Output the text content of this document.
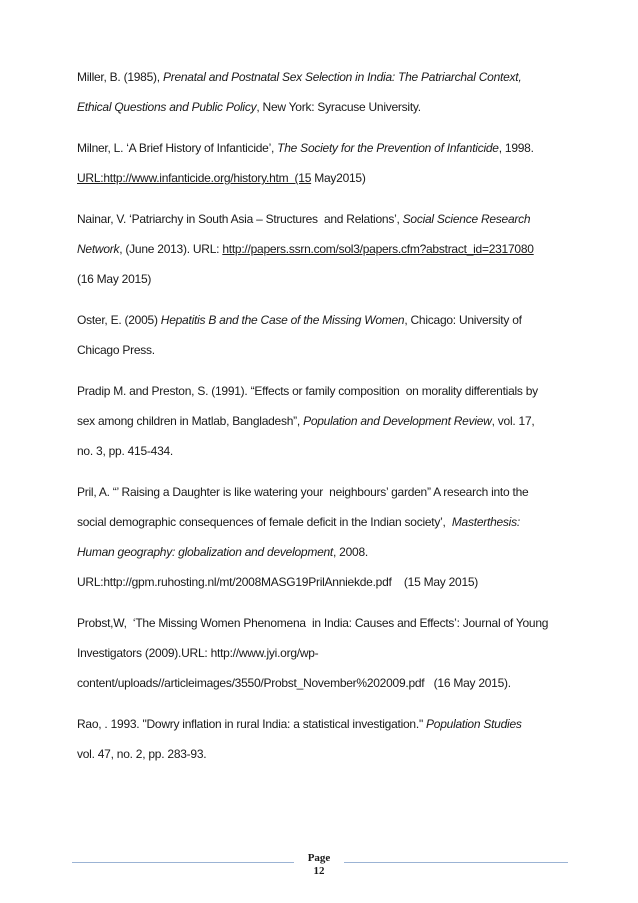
Miller, B. (1985), Prenatal and Postnatal Sex Selection in India: The Patriarchal Context,

Ethical Questions and Public Policy, New York: Syracuse University.

Milner, L. ‘A Brief History of Infanticide’, The Society for the Prevention of Infanticide, 1998.

URL:http://www.infanticide.org/history.htm  (15 May2015)

Nainar, V. ‘Patriarchy in South Asia – Structures  and Relations’, Social Science Research

Network, (June 2013). URL: http://papers.ssrn.com/sol3/papers.cfm?abstract_id=2317080

(16 May 2015)

Oster, E. (2005) Hepatitis B and the Case of the Missing Women, Chicago: University of

Chicago Press.

Pradip M. and Preston, S. (1991). “Effects or family composition  on morality differentials by

sex among children in Matlab, Bangladesh”, Population and Development Review, vol. 17,

no. 3, pp. 415-434.

Pril, A. “’ Raising a Daughter is like watering your  neighbours’ garden” A research into the

social demographic consequences of female deficit in the Indian society’,  Masterthesis:

Human geography: globalization and development, 2008.

URL:http://gpm.ruhosting.nl/mt/2008MASG19PrilAnniekde.pdf    (15 May 2015)

Probst,W,  ‘The Missing Women Phenomena  in India: Causes and Effects’: Journal of Young

Investigators (2009).URL: http://www.jyi.org/wp-

content/uploads//articleimages/3550/Probst_November%202009.pdf   (16 May 2015).

Rao, . 1993. "Dowry inflation in rural India: a statistical investigation." Population Studies

vol. 47, no. 2, pp. 283-93.

Page
12
